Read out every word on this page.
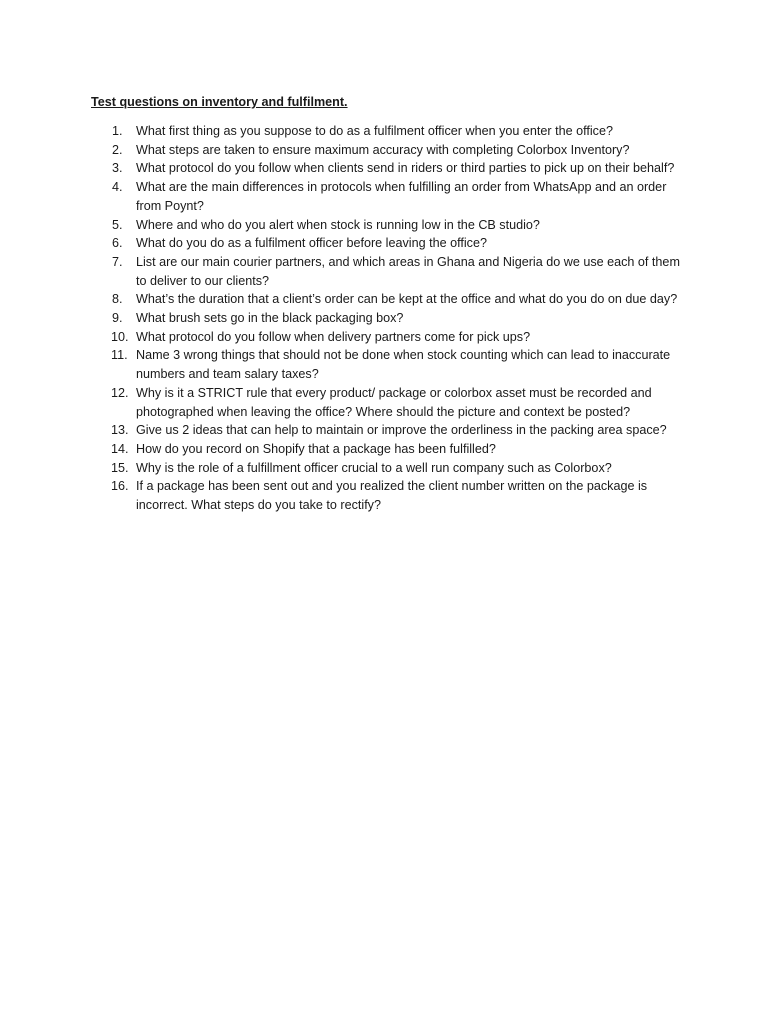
Test questions on inventory and fulfilment.
1.	What first thing as you suppose to do as a fulfilment officer when you enter the office?
2.	What steps are taken to ensure maximum accuracy with completing Colorbox Inventory?
3.	What protocol do you follow when clients send in riders or third parties to pick up on their behalf?
4.	What are the main differences in protocols when fulfilling an order from WhatsApp and an order from Poynt?
5.	Where and who do you alert when stock is running low in the CB studio?
6.	What do you do as a fulfilment officer before leaving the office?
7.	List are our main courier partners, and which areas in Ghana and Nigeria do we use each of them to deliver to our clients?
8.	What’s the duration that a client’s order can be kept at the office and what do you do on due day?
9.	What brush sets go in the black packaging box?
10. What protocol do you follow when delivery partners come for pick ups?
11. Name 3 wrong things that should not be done when stock counting which can lead to inaccurate numbers and team salary taxes?
12. Why is it a STRICT rule that every product/ package or colorbox asset must be recorded and photographed when leaving the office? Where should the picture and context be posted?
13. Give us 2 ideas that can help to maintain or improve the orderliness in the packing area space?
14. How do you record on Shopify that a package has been fulfilled?
15. Why is the role of a fulfillment officer crucial to a well run company such as Colorbox?
16. If a package has been sent out and you realized the client number written on the package is incorrect. What steps do you take to rectify?
